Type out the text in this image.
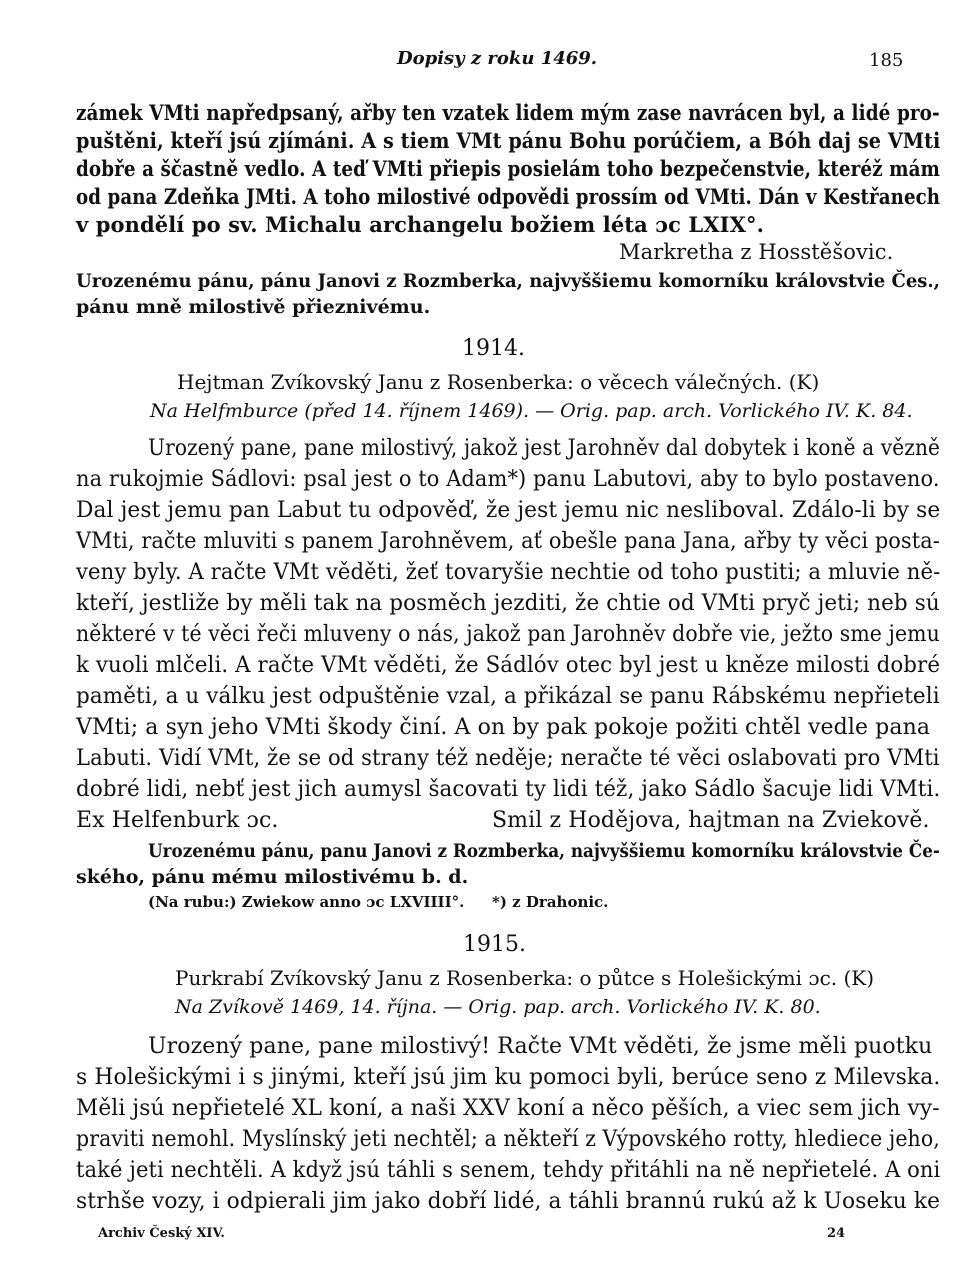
Dopisy z roku 1469.	185
zámek VMti napředpsaný, ařby ten vzatek lidem mým zase navrácen byl, a lidé pro-
puštěni, kteří jsú zjímáni. A s tiem VMt pánu Bohu porúčiem, a Bóh daj se VMti
dobře a ščastně vedlo. A teď VMti přiepis posielám toho bezpečenstvie, kteréž mám
od pana Zdeňka JMti. A toho milostivé odpovědi prossím od VMti. Dán v Kestřanech
v pondělí po sv. Michalu archangelu božiem léta ɔc LXIX°.
Markretha z Hosstěšovic.
Urozenému pánu, pánu Janovi z Rozmberka, najvyššiemu komorníku královstvie Čes.,
pánu mně milostivě přieznivému.
1914.
Hejtman Zvíkovský Janu z Rosenberka: o věcech válečných. (K)
Na Helfmburce (před 14. říjnem 1469). — Orig. pap. arch. Vorlického IV. K. 84.
Urozený pane, pane milostivý, jakož jest Jarohněv dal dobytek i koně a vězně
na rukojmie Sádlovi: psal jest o to Adam*) panu Labutovi, aby to bylo postaveno.
Dal jest jemu pan Labut tu odpověď, že jest jemu nic nesliboval. Zdálo-li by se
VMti, račte mluviti s panem Jarohněvem, ať obešle pana Jana, ařby ty věci posta-
veny byly. A račte VMt věděti, žeť tovaryšie nechtie od toho pustiti; a mluvie ně-
kteří, jestliže by měli tak na posměch jezditi, že chtie od VMti pryč jeti; neb sú
některé v té věci řeči mluveny o nás, jakož pan Jarohněv dobře vie, ježto sme jemu
k vuoli mlčeli. A račte VMt věděti, že Sádlóv otec byl jest u kněze milosti dobré
paměti, a u válku jest odpuštěnie vzal, a přikázal se panu Rábskému nepřieteli
VMti; a syn jeho VMti škody činí. A on by pak pokoje požiti chtěl vedle pana
Labuti. Vidí VMt, že se od strany též neděje; neračte té věci oslabovati pro VMti
dobré lidi, nebť jest jich aumysl šacovati ty lidi též, jako Sádlo šacuje lidi VMti.
Ex Helfenburk ɔc.	Smil z Hodějova, hajtman na Zviekově.
Urozenému pánu, panu Janovi z Rozmberka, najvyššiemu komorníku královstvie Če-
ského, pánu mému milostivému b. d.
(Na rubu:) Zwiekow anno ɔc LXVIIII°. *) z Drahonic.
1915.
Purkrabí Zvíkovský Janu z Rosenberka: o půtce s Holešickými ɔc. (K)
Na Zvíkově 1469, 14. října. — Orig. pap. arch. Vorlického IV. K. 80.
Urozený pane, pane milostivý! Račte VMt věděti, že jsme měli puotku
s Holešickými i s jinými, kteří jsú jim ku pomoci byli, berúce seno z Milevska.
Měli jsú nepřietelé XL koní, a naši XXV koní a něco pěších, a viec sem jich vy-
praviti nemohl. Myslínský jeti nechtěl; a někteří z Výpovského rotty, hlediece jeho,
také jeti nechtěli. A když jsú táhli s senem, tehdy přitáhli na ně nepřietelé. A oni
strhše vozy, i odpierali jim jako dobří lidé, a táhli brannú rukú až k Uoseku ke
Archiv Český XIV.	24
